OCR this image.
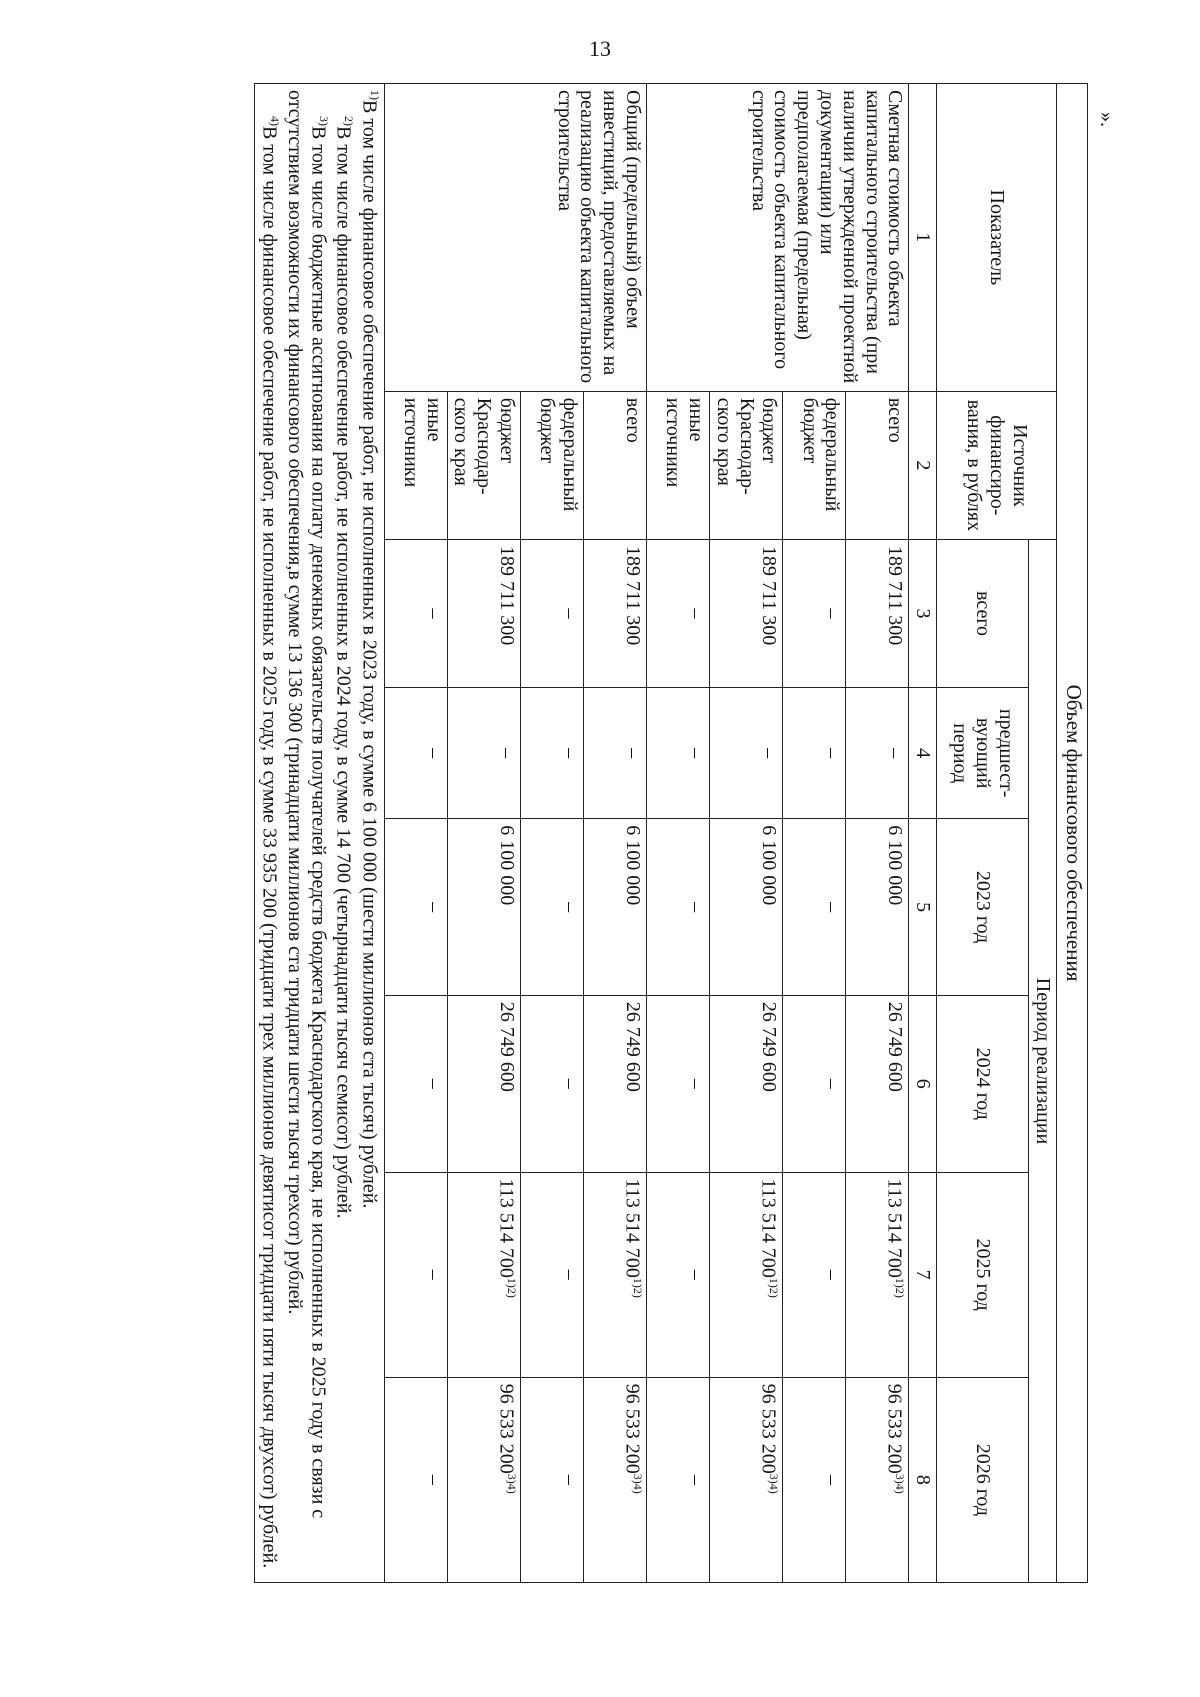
13
».
Объем финансового обеспечения							
Показатель	Источник финансиро-вания, в рублях	Период реализации					
		всего	предшест-вующий период	2023 год	2024 год	2025 год	2026 год
1	2	3	4	5	6	7	8
Сметная стоимость объекта капитального строительства (при наличии утвержденной проектной документации) или предполагаемая (предельная) стоимость объекта капитального строительства	всего	189 711 300	–	6 100 000	26 749 600	113 514 $700^{1)2)}$	96 533 $200^{3)4)}$
	федеральный бюджет	–	–	–	–	–	–
	бюджет Краснодар-ского края	189 711 300	–	6 100 000	26 749 600	113 514 $700^{1)2)}$	96 533 $200^{3)4)}$
	иные источники	–	–	–	–	–	–
Общий (предельный) объем инвестиций, предоставляемых на реализацию объекта капитального строительства	всего	189 711 300	–	6 100 000	26 749 600	113 514 $700^{1)2)}$	96 533 $200^{3)4)}$
	федеральный бюджет	–	–	–	–	–	–
	бюджет Краснодар-ского края	189 711 300	–	6 100 000	26 749 600	113 514 $700^{1)2)}$	96 533 $200^{3)4)}$
	иные источники	–	–	–	–	–	–

$^{1)}$В том числе финансовое обеспечение работ, не исполненных в 2023 году, в сумме 6 100 000 (шести миллионов ста тысяч) рублей.

$^{2)}$В том числе финансовое обеспечение работ, не исполненных в 2024 году, в сумме 14 700 (четырнадцати тысяч семисот) рублей.

$^{3)}$В том числе бюджетные ассигнования на оплату денежных обязательств получателей средств бюджета Краснодарского края, не исполненных в 2025 году в связи с отсутствием возможности их финансового обеспечения,в сумме 13 136 300 (тринадцати миллионов ста тридцати шести тысяч трехсот) рублей.

$^{4)}$В том числе финансовое обеспечение работ, не исполненных в 2025 году, в сумме 33 935 200 (тридцати трех миллионов девятисот тридцати пяти тысяч двухсот) рублей.							
